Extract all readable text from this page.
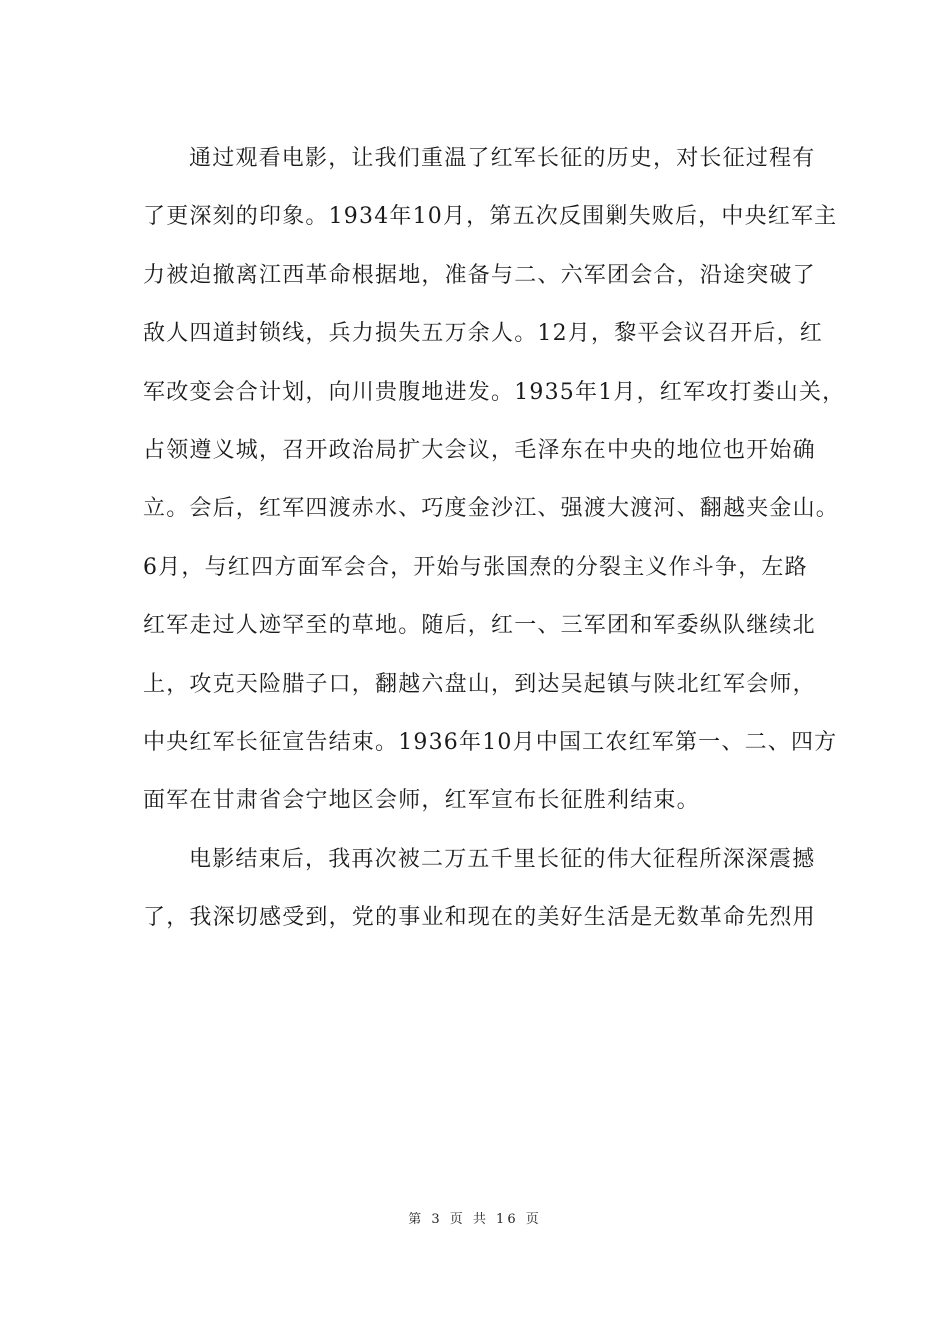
通过观看电影，让我们重温了红军长征的历史，对长征过程有
了更深刻的印象。1934年10月，第五次反围剿失败后，中央红军主
力被迫撤离江西革命根据地，准备与二、六军团会合，沿途突破了
敌人四道封锁线，兵力损失五万余人。12月，黎平会议召开后，红
军改变会合计划，向川贵腹地进发。1935年1月，红军攻打娄山关，
占领遵义城，召开政治局扩大会议，毛泽东在中央的地位也开始确
立。会后，红军四渡赤水、巧度金沙江、强渡大渡河、翻越夹金山。
6月，与红四方面军会合，开始与张国焘的分裂主义作斗争，左路
红军走过人迹罕至的草地。随后，红一、三军团和军委纵队继续北
上，攻克天险腊子口，翻越六盘山，到达吴起镇与陕北红军会师，
中央红军长征宣告结束。1936年10月中国工农红军第一、二、四方
面军在甘肃省会宁地区会师，红军宣布长征胜利结束。
电影结束后，我再次被二万五千里长征的伟大征程所深深震撼
了，我深切感受到，党的事业和现在的美好生活是无数革命先烈用
第 3 页 共 16 页
